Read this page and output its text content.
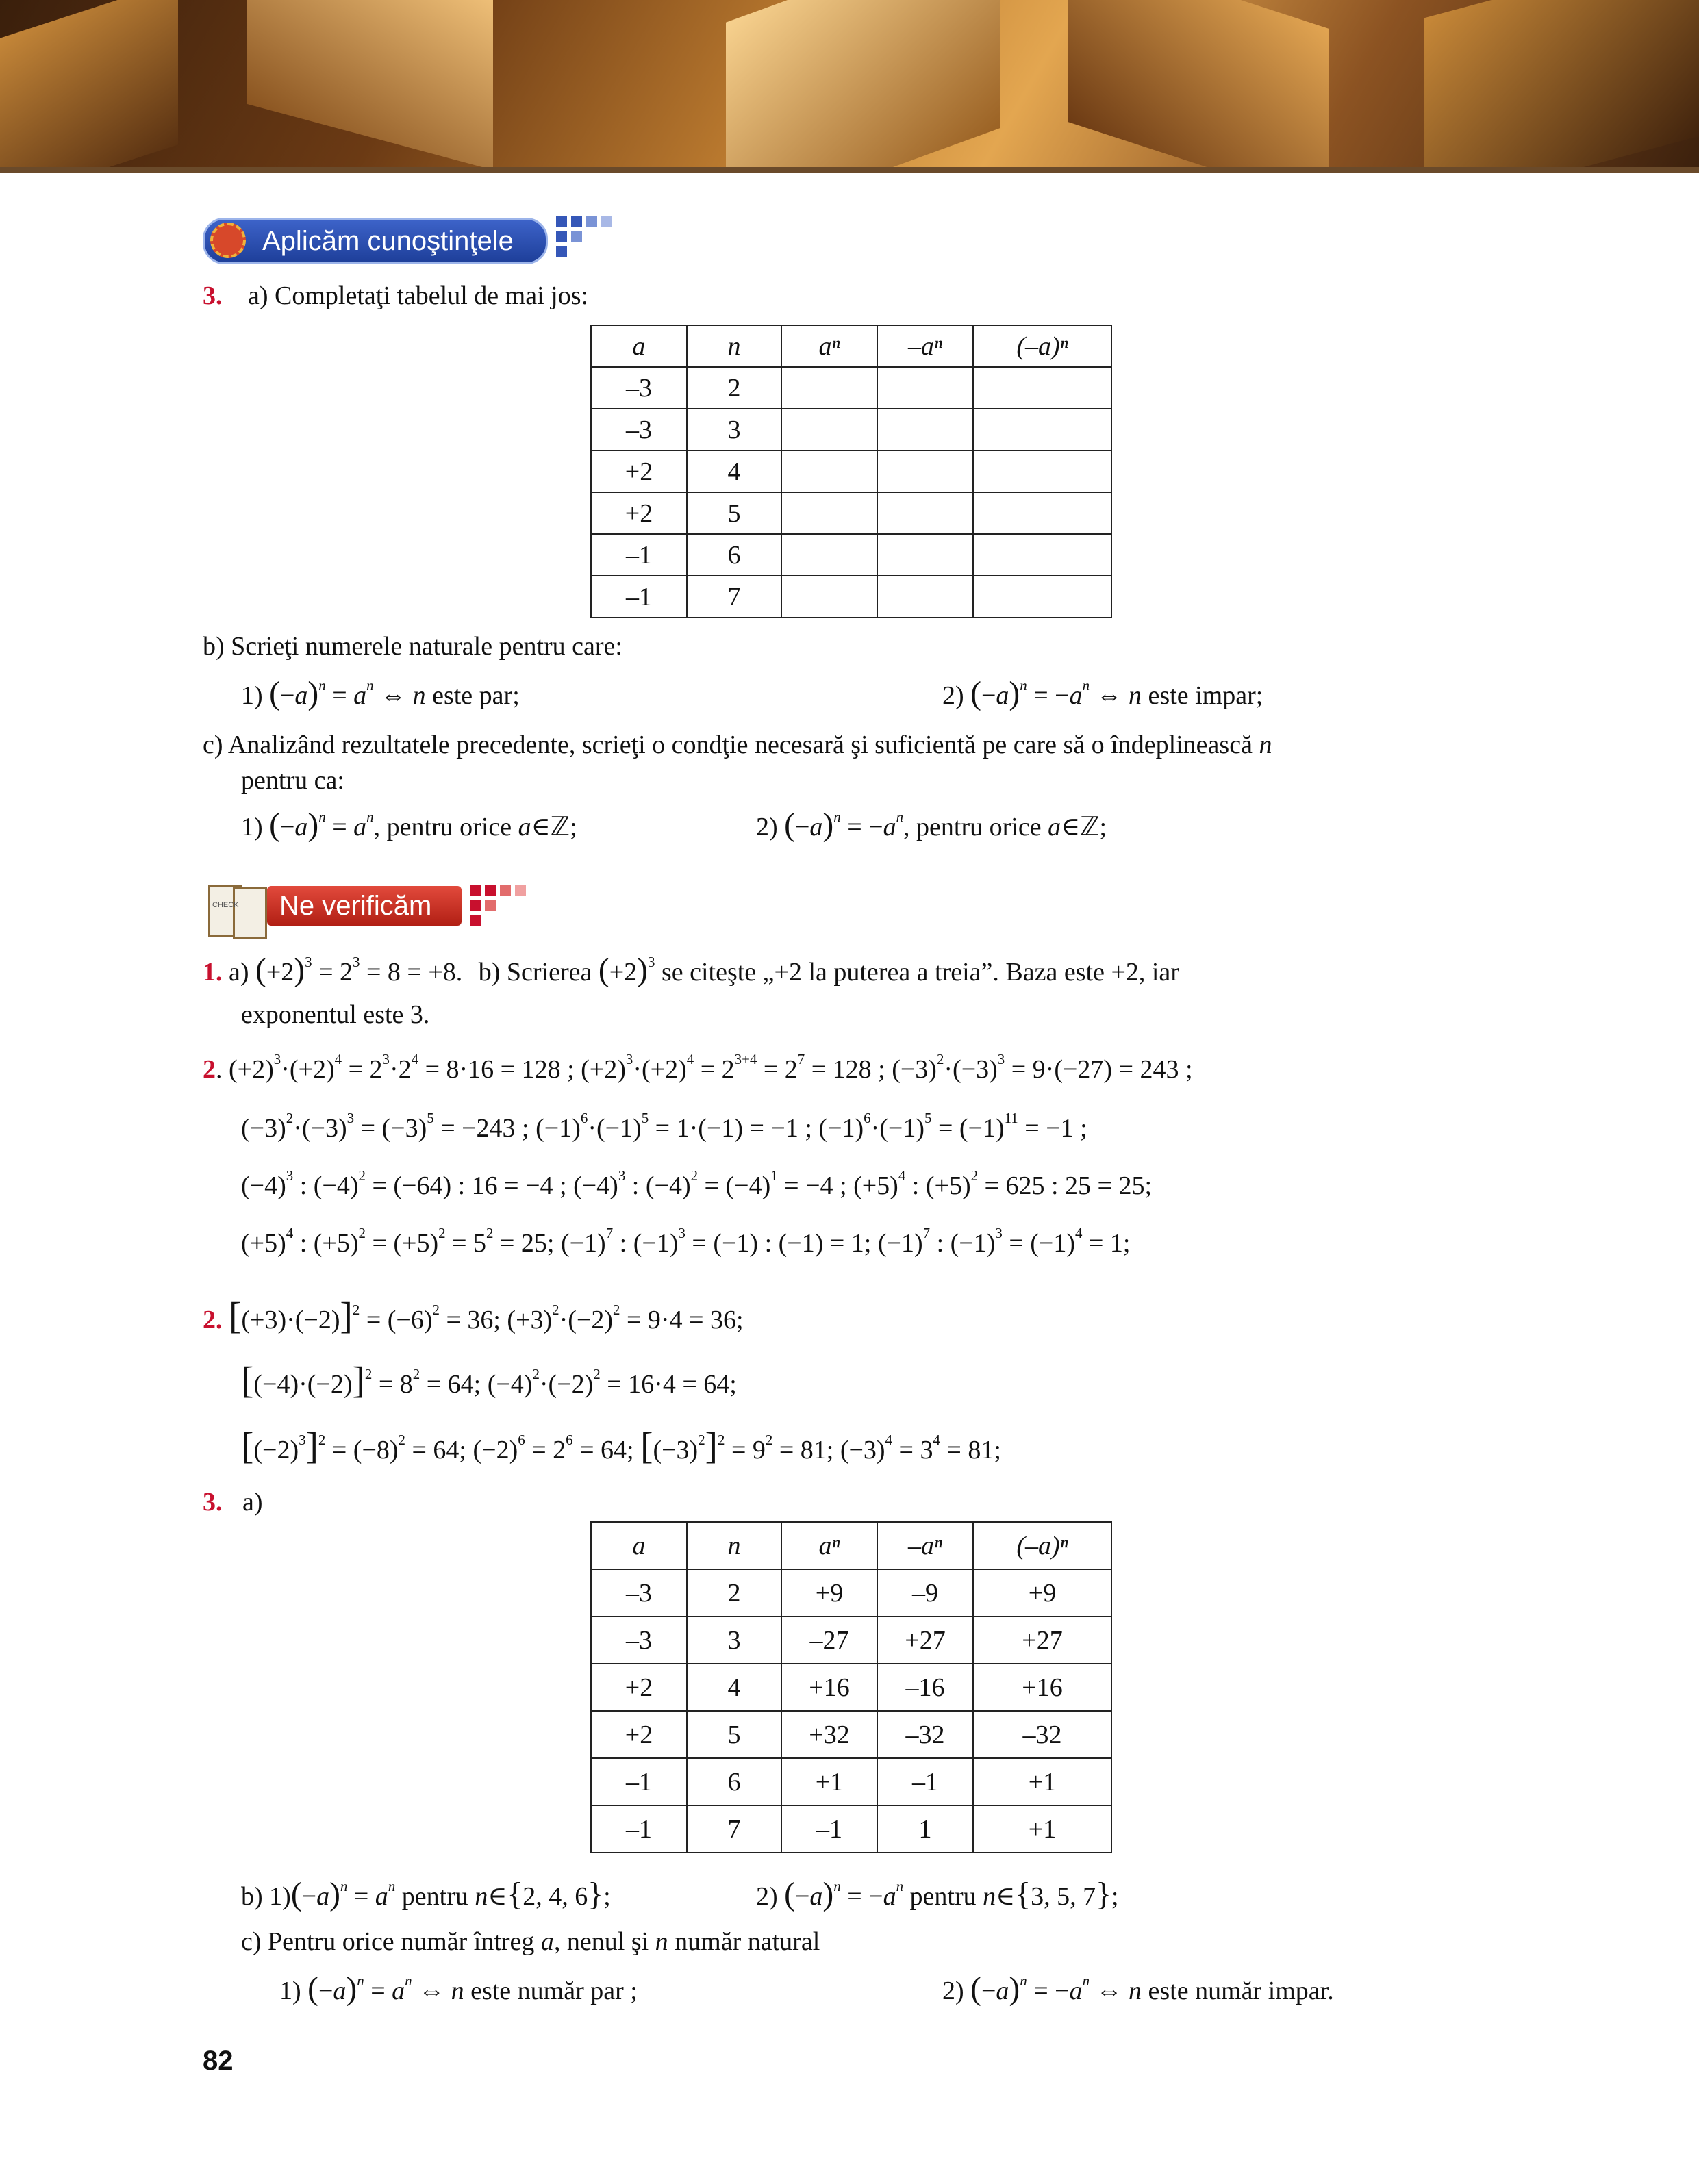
Aplicăm cunoştinţele
3. a) Completaţi tabelul de mai jos:
a	n	aⁿ	–aⁿ	(–a)ⁿ
–3	2			
–3	3			
+2	4			
+2	5			
–1	6			
–1	7			
b) Scrieţi numerele naturale pentru care:
1) $(-a)^n = a^n$ ⇔ n este par;	2) $(-a)^n = -a^n$ ⇔ n este impar;
c) Analizând rezultatele precedente, scrieţi o condţie necesară şi suficientă pe care să o îndeplinească n
pentru ca:
1) $(-a)^n = a^n$, pentru orice a∈ℤ;	2) $(-a)^n = -a^n$, pentru orice a∈ℤ;
CHECK	Ne verificăm
1. a) $(+2)^3 = 2^3 = 8 = +8$. b) Scrierea $(+2)^3$ se citeşte „+2 la puterea a treia”. Baza este +2, iar
exponentul este 3.
2. $(+2)^3\cdot(+2)^4 = 2^3\cdot 2^4 = 8\cdot 16 = 128$ ; $(+2)^3\cdot(+2)^4 = 2^{3+4} = 2^7 = 128$ ; $(-3)^2\cdot(-3)^3 = 9\cdot(-27) = 243$ ;
$(-3)^2\cdot(-3)^3 = (-3)^5 = -243$ ; $(-1)^6\cdot(-1)^5 = 1\cdot(-1) = -1$ ; $(-1)^6\cdot(-1)^5 = (-1)^{11} = -1$ ;
$(-4)^3$ : $(-4)^2 = (-64)$ : 16 = −4 ; $(-4)^3$ : $(-4)^2 = (-4)^1 = -4$ ; $(+5)^4$ : $(+5)^2 = 625$ : 25 = 25;
$(+5)^4$ : $(+5)^2 = (+5)^2 = 5^2 = 25$; $(-1)^7$ : $(-1)^3 = (-1)$ : (−1) = 1; $(-1)^7$ : $(-1)^3 = (-1)^4 = 1$;
2. $[(+3)\cdot(-2)]^2 = (-6)^2 = 36$; $(+3)^2\cdot(-2)^2 = 9\cdot 4 = 36$;
$[(-4)\cdot(-2)]^2 = 8^2 = 64$; $(-4)^2\cdot(-2)^2 = 16\cdot 4 = 64$;
$[(-2)^3]^2 = (-8)^2 = 64$; $(-2)^6 = 2^6 = 64$; $[(-3)^2]^2 = 9^2 = 81$; $(-3)^4 = 3^4 = 81$;
3. a)
a	n	aⁿ	–aⁿ	(–a)ⁿ
–3	2	+9	–9	+9
–3	3	–27	+27	+27
+2	4	+16	–16	+16
+2	5	+32	–32	–32
–1	6	+1	–1	+1
–1	7	–1	1	+1
b) $1)(-a)^n = a^n$ pentru n∈{2, 4, 6};	2) $(-a)^n = -a^n$ pentru n∈{3, 5, 7};
c) Pentru orice număr întreg a, nenul şi n număr natural
1) $(-a)^n = a^n$ ⇔ n este număr par ;	2) $(-a)^n = -a^n$ ⇔ n este număr impar.
82
